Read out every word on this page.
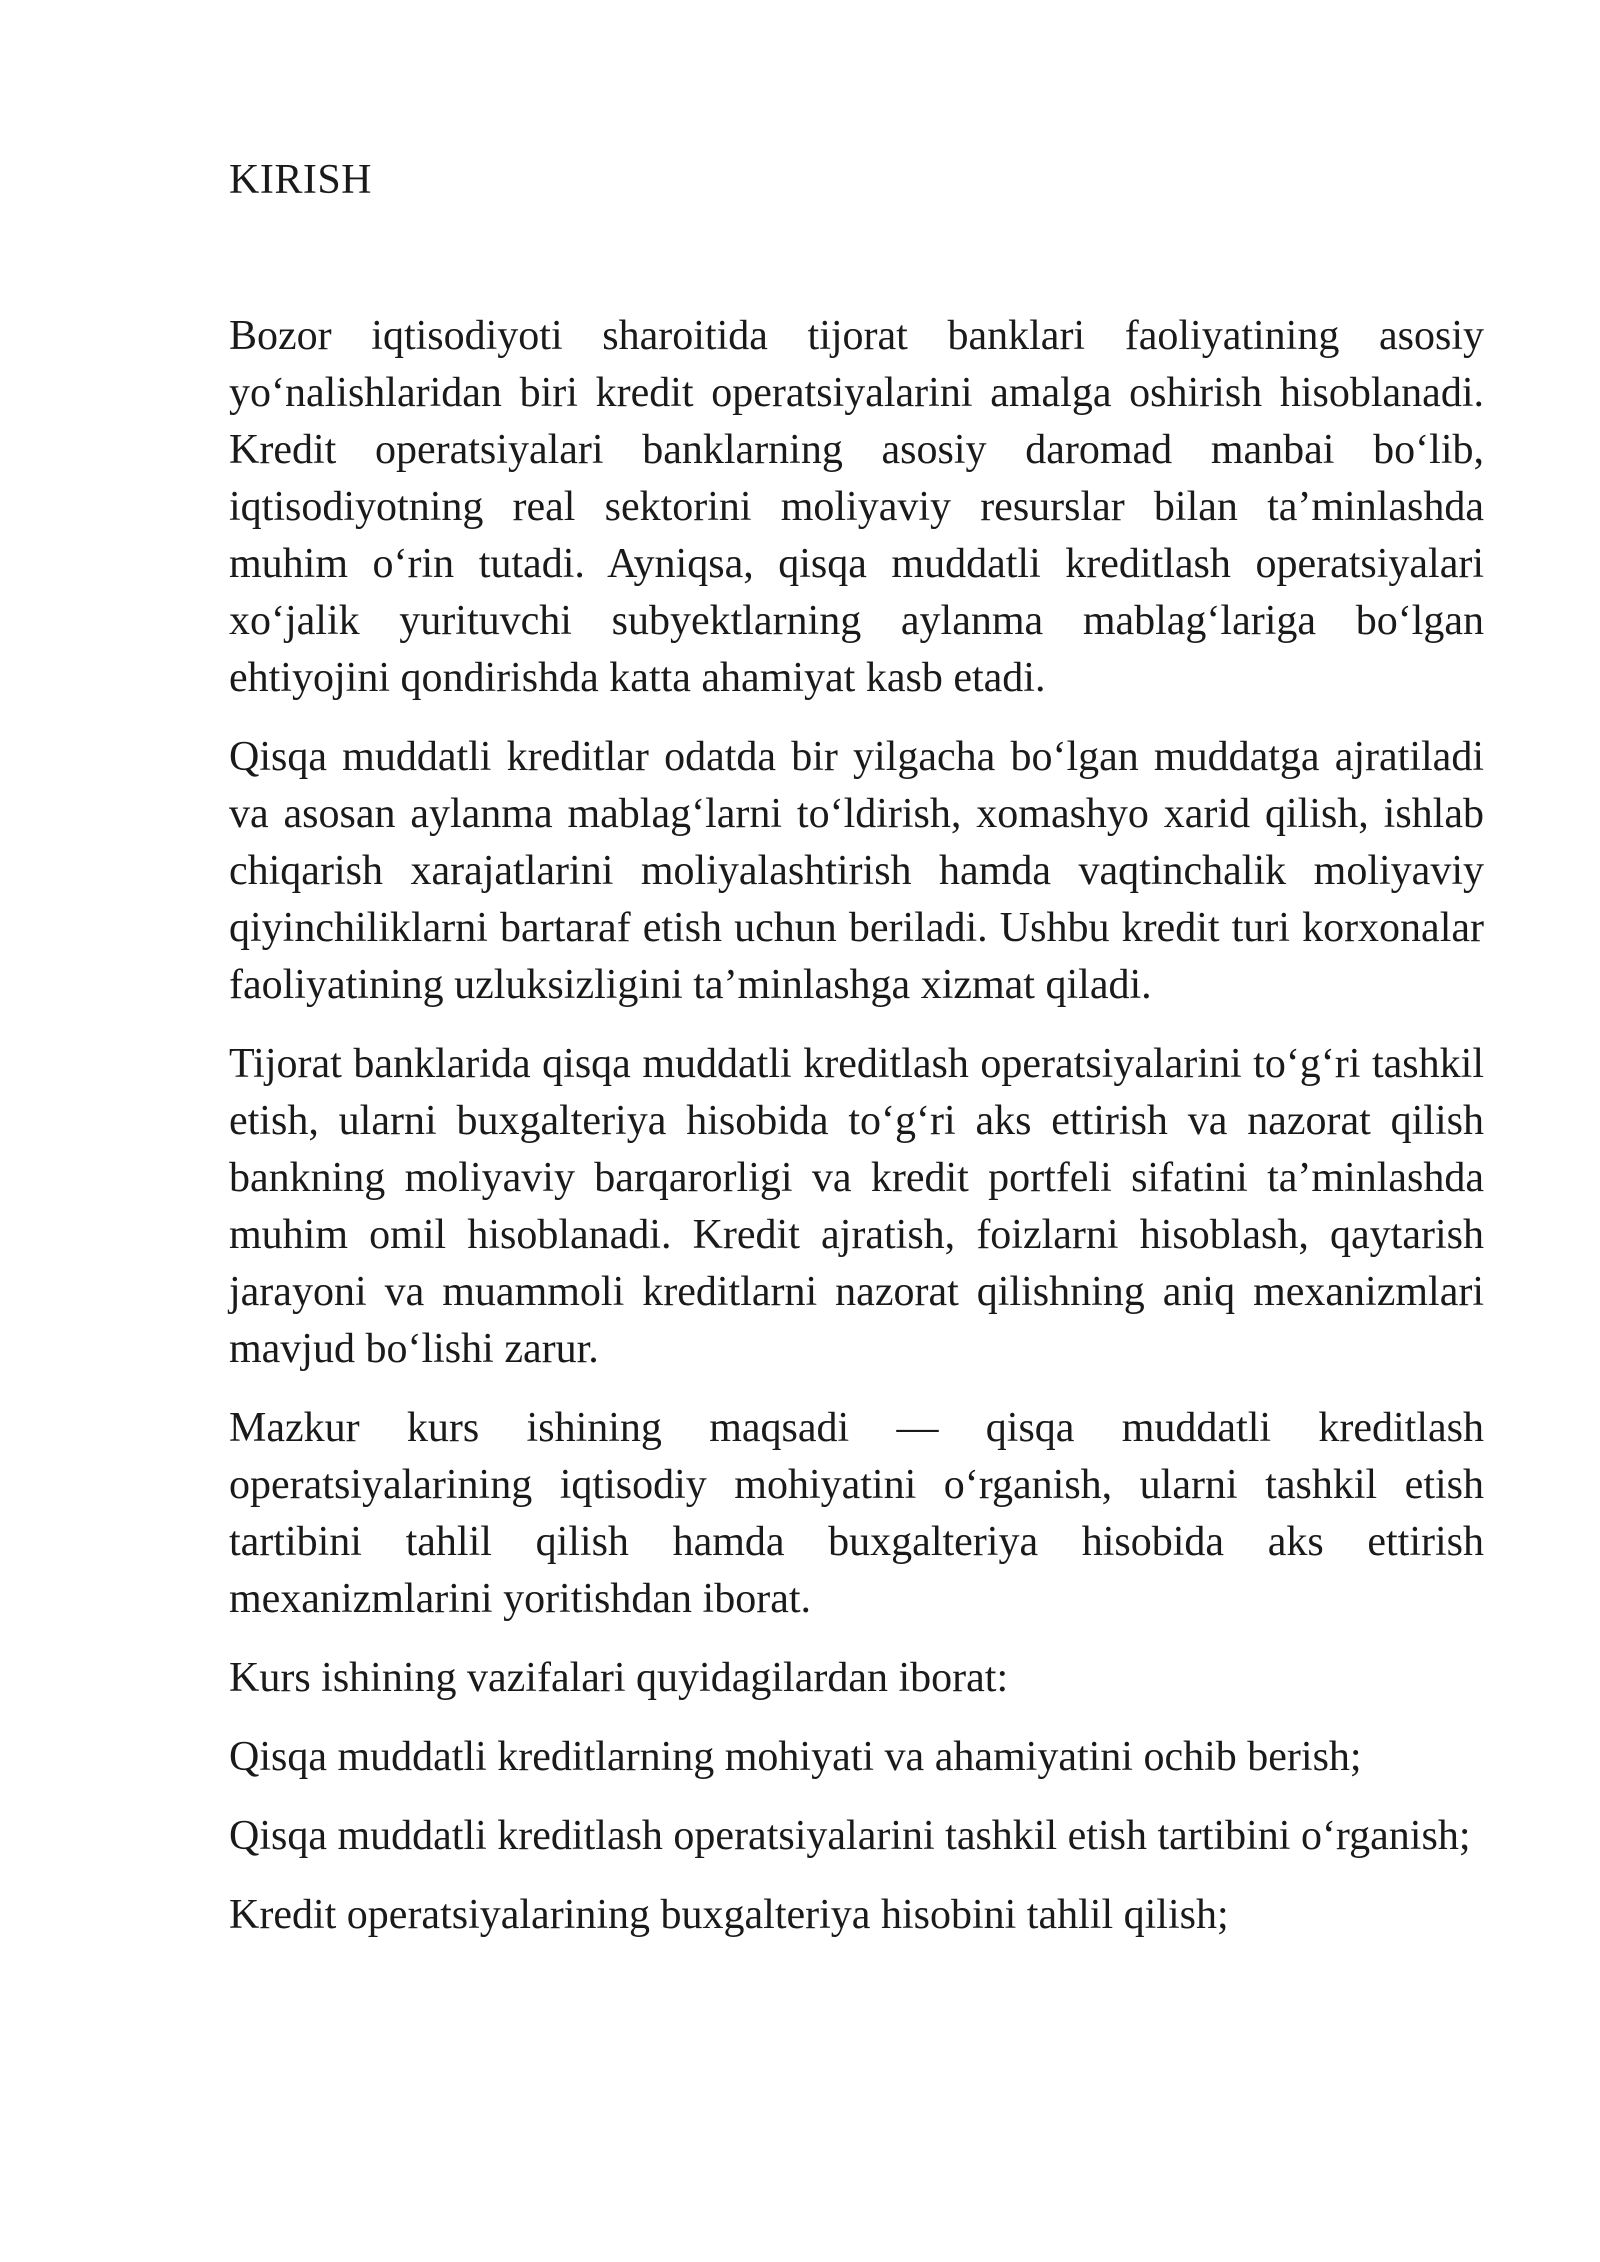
KIRISH

Bozor iqtisodiyoti sharoitida tijorat banklari faoliyatining asosiy yo‘nalishlaridan biri kredit operatsiyalarini amalga oshirish hisoblanadi. Kredit operatsiyalari banklarning asosiy daromad manbai bo‘lib, iqtisodiyotning real sektorini moliyaviy resurslar bilan ta’minlashda muhim o‘rin tutadi. Ayniqsa, qisqa muddatli kreditlash operatsiyalari xo‘jalik yurituvchi subyektlarning aylanma mablag‘lariga bo‘lgan ehtiyojini qondirishda katta ahamiyat kasb etadi.

Qisqa muddatli kreditlar odatda bir yilgacha bo‘lgan muddatga ajratiladi va asosan aylanma mablag‘larni to‘ldirish, xomashyo xarid qilish, ishlab chiqarish xarajatlarini moliyalashtirish hamda vaqtinchalik moliyaviy qiyinchiliklarni bartaraf etish uchun beriladi. Ushbu kredit turi korxonalar faoliyatining uzluksizligini ta’minlashga xizmat qiladi.

Tijorat banklarida qisqa muddatli kreditlash operatsiyalarini to‘g‘ri tashkil etish, ularni buxgalteriya hisobida to‘g‘ri aks ettirish va nazorat qilish bankning moliyaviy barqarorligi va kredit portfeli sifatini ta’minlashda muhim omil hisoblanadi. Kredit ajratish, foizlarni hisoblash, qaytarish jarayoni va muammoli kreditlarni nazorat qilishning aniq mexanizmlari mavjud bo‘lishi zarur.

Mazkur kurs ishining maqsadi — qisqa muddatli kreditlash operatsiyalarining iqtisodiy mohiyatini o‘rganish, ularni tashkil etish tartibini tahlil qilish hamda buxgalteriya hisobida aks ettirish mexanizmlarini yoritishdan iborat.

Kurs ishining vazifalari quyidagilardan iborat:

Qisqa muddatli kreditlarning mohiyati va ahamiyatini ochib berish;

Qisqa muddatli kreditlash operatsiyalarini tashkil etish tartibini o‘rganish;

Kredit operatsiyalarining buxgalteriya hisobini tahlil qilish;
